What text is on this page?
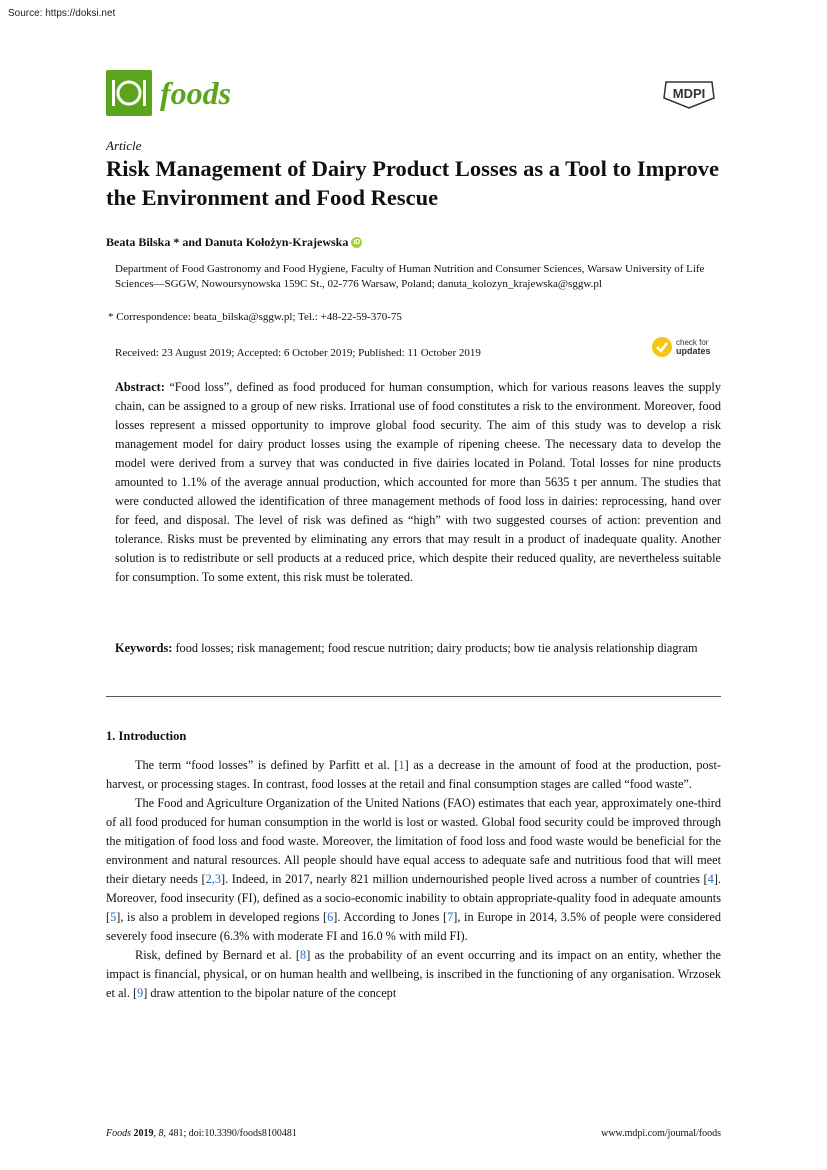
Source: https://doksi.net
foods	MDPI
Article
Risk Management of Dairy Product Losses as a Tool to Improve the Environment and Food Rescue
Beata Bilska * and Danuta Kołożyn-Krajewska iD
Department of Food Gastronomy and Food Hygiene, Faculty of Human Nutrition and Consumer Sciences, Warsaw University of Life Sciences—SGGW, Nowoursynowska 159C St., 02-776 Warsaw, Poland; danuta_kolozyn_krajewska@sggw.pl
* Correspondence: beata_bilska@sggw.pl; Tel.: +48-22-59-370-75
Received: 23 August 2019; Accepted: 6 October 2019; Published: 11 October 2019
check for
updates
Abstract: “Food loss”, defined as food produced for human consumption, which for various reasons leaves the supply chain, can be assigned to a group of new risks. Irrational use of food constitutes a risk to the environment. Moreover, food losses represent a missed opportunity to improve global food security. The aim of this study was to develop a risk management model for dairy product losses using the example of ripening cheese. The necessary data to develop the model were derived from a survey that was conducted in five dairies located in Poland. Total losses for nine products amounted to 1.1% of the average annual production, which accounted for more than 5635 t per annum. The studies that were conducted allowed the identification of three management methods of food loss in dairies: reprocessing, hand over for feed, and disposal. The level of risk was defined as “high” with two suggested courses of action: prevention and tolerance. Risks must be prevented by eliminating any errors that may result in a product of inadequate quality. Another solution is to redistribute or sell products at a reduced price, which despite their reduced quality, are nevertheless suitable for consumption. To some extent, this risk must be tolerated.
Keywords: food losses; risk management; food rescue nutrition; dairy products; bow tie analysis relationship diagram
1. Introduction

The term “food losses” is defined by Parfitt et al. [1] as a decrease in the amount of food at the production, post-harvest, or processing stages. In contrast, food losses at the retail and final consumption stages are called “food waste”.

The Food and Agriculture Organization of the United Nations (FAO) estimates that each year, approximately one-third of all food produced for human consumption in the world is lost or wasted. Global food security could be improved through the mitigation of food loss and food waste. Moreover, the limitation of food loss and food waste would be beneficial for the environment and natural resources. All people should have equal access to adequate safe and nutritious food that will meet their dietary needs [2,3]. Indeed, in 2017, nearly 821 million undernourished people lived across a number of countries [4]. Moreover, food insecurity (FI), defined as a socio-economic inability to obtain appropriate-quality food in adequate amounts [5], is also a problem in developed regions [6]. According to Jones [7], in Europe in 2014, 3.5% of people were considered severely food insecure (6.3% with moderate FI and 16.0 % with mild FI).

Risk, defined by Bernard et al. [8] as the probability of an event occurring and its impact on an entity, whether the impact is financial, physical, or on human health and wellbeing, is inscribed in the functioning of any organisation. Wrzosek et al. [9] draw attention to the bipolar nature of the concept

Foods 2019, 8, 481; doi:10.3390/foods8100481	www.mdpi.com/journal/foods
